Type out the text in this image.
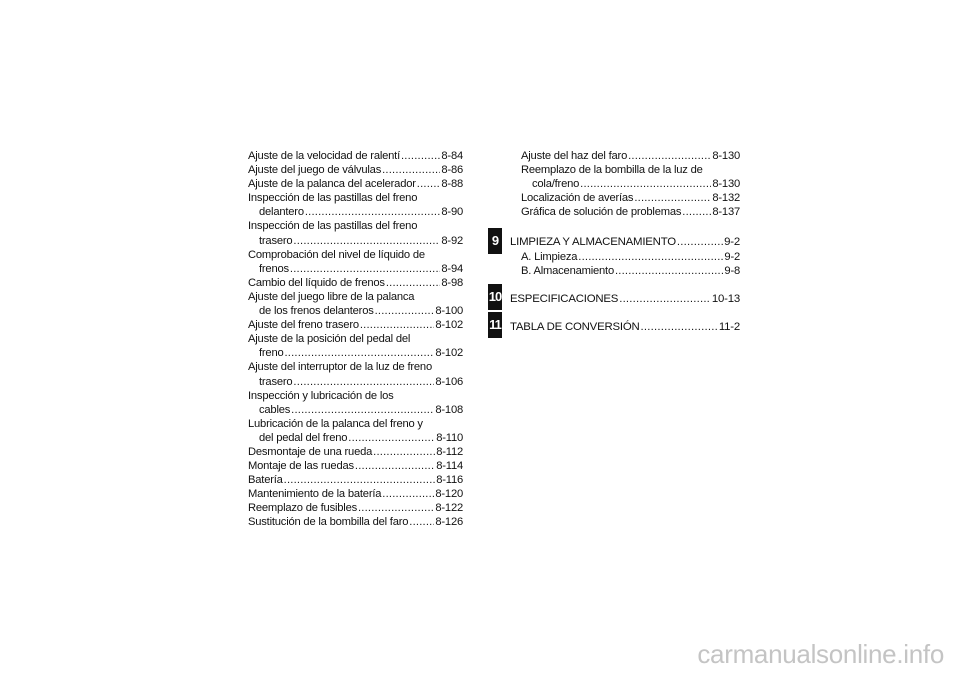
Ajuste de la velocidad de ralentí .....	8-84
Ajuste del juego de válvulas .....	8-86
Ajuste de la palanca del acelerador ..... 8-88
Inspección de las pastillas del freno
delantero .....	8-90
Inspección de las pastillas del freno
trasero .....	8-92
Comprobación del nivel de líquido de
frenos .....	8-94
Cambio del líquido de frenos .....	8-98
Ajuste del juego libre de la palanca
de los frenos delanteros .....	8-100
Ajuste del freno trasero .....	8-102
Ajuste de la posición del pedal del
freno .....	8-102
Ajuste del interruptor de la luz de freno
trasero .....	8-106
Inspección y lubricación de los
cables .....	8-108
Lubricación de la palanca del freno y
del pedal del freno .....	8-110
Desmontaje de una rueda .....	8-112
Montaje de las ruedas .....	8-114
Batería .....	8-116
Mantenimiento de la batería .....	8-120
Reemplazo de fusibles .....	8-122
Sustitución de la bombilla del faro ..... 8-126
Ajuste del haz del faro .....	8-130
Reemplazo de la bombilla de la luz de
cola/freno .....	8-130
Localización de averías .....	8-132
Gráfica de solución de problemas .....	8-137
LIMPIEZA Y ALMACENAMIENTO .....	9-2
A. Limpieza .....	9-2
B. Almacenamiento .....	9-8
ESPECIFICACIONES .....	10-13
TABLA DE CONVERSIÓN .....	11-2
9
10
11
carmanualsonline.info
